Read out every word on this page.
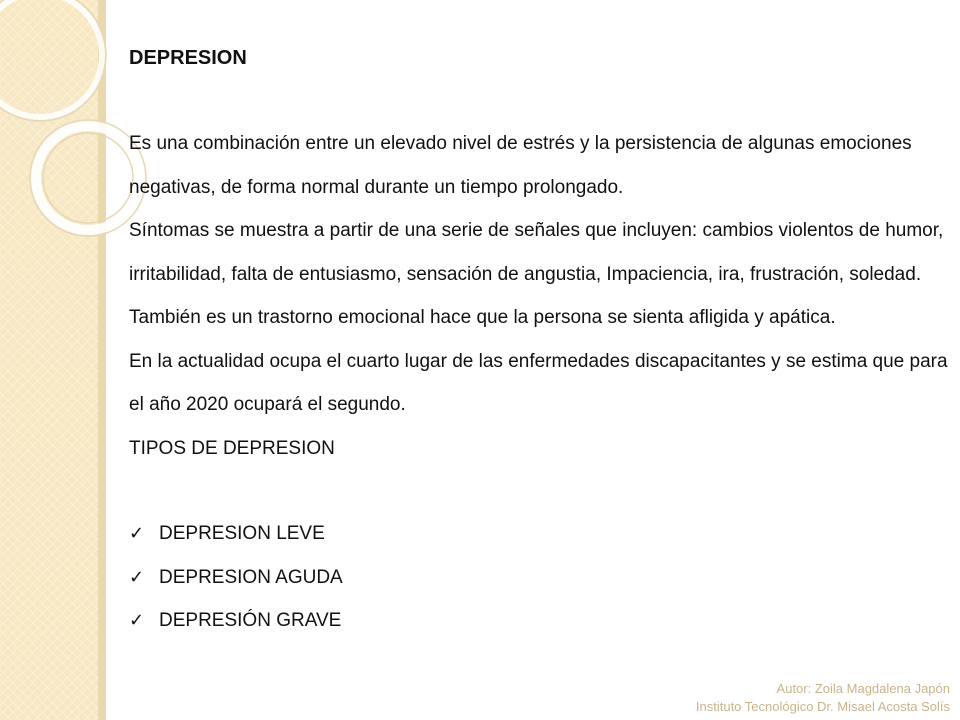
DEPRESION

Es una combinación entre un elevado nivel de estrés y la persistencia de algunas emociones negativas, de forma normal durante un tiempo prolongado.

Síntomas se muestra a partir de una serie de señales que incluyen: cambios violentos de humor, irritabilidad, falta de entusiasmo, sensación de angustia, Impaciencia, ira, frustración, soledad.

También es un trastorno emocional hace que la persona se sienta afligida y apática.

En la actualidad ocupa el cuarto lugar de las enfermedades discapacitantes y se estima que para el año 2020 ocupará el segundo.

TIPOS DE DEPRESION

✓ DEPRESION LEVE
✓ DEPRESION AGUDA
✓ DEPRESIÓN GRAVE
Autor: Zoila Magdalena Japón
Instituto Tecnológico Dr. Misael Acosta Solís
